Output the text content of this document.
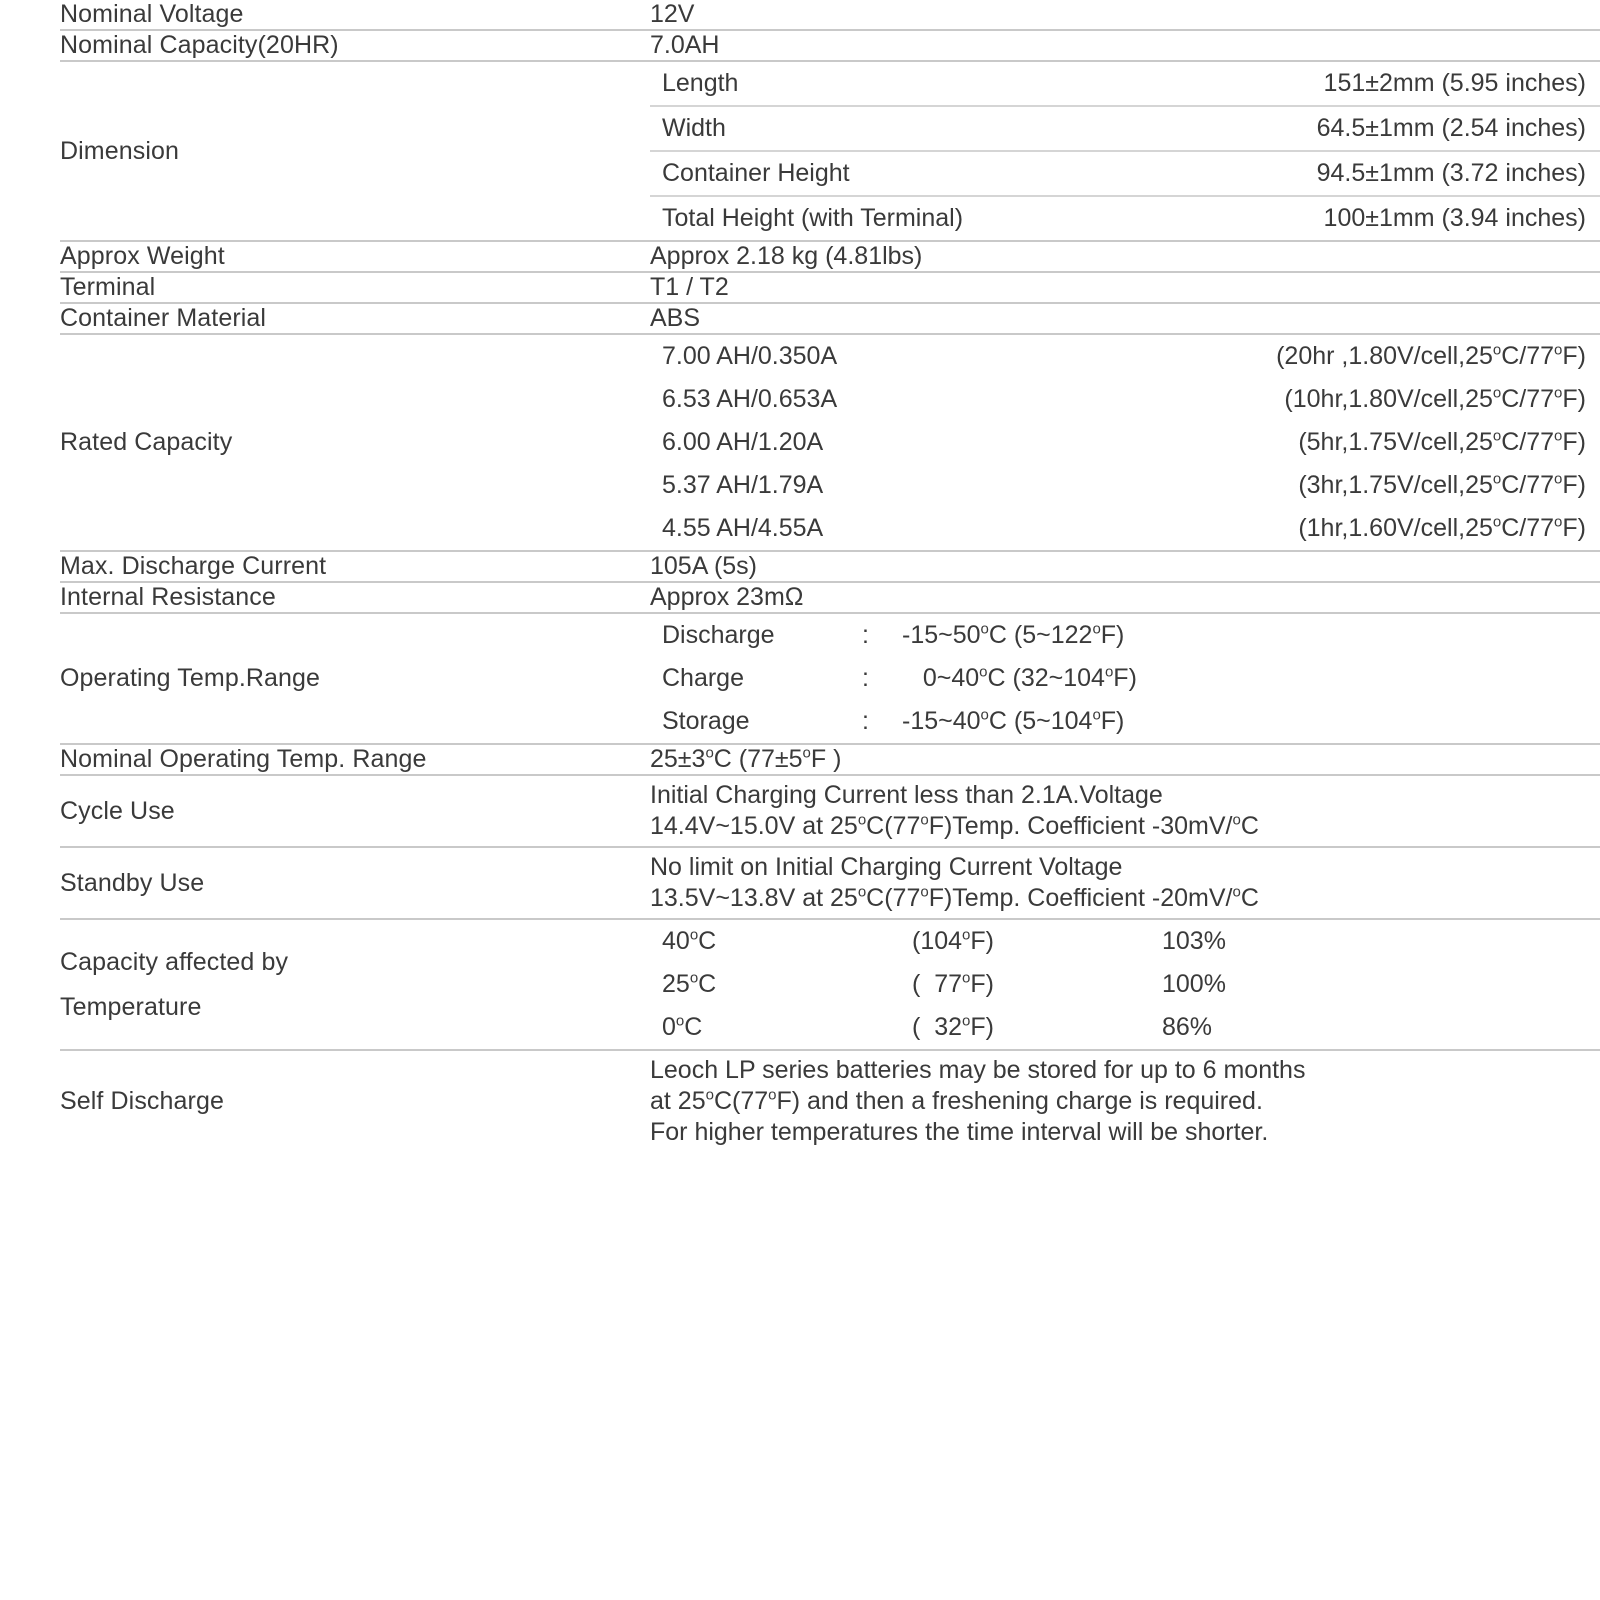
Nominal Voltage	12V
Nominal Capacity(20HR)	7.0AH
Dimension	
Length	151±2mm (5.95 inches)
Width	64.5±1mm (2.54 inches)
Container Height	94.5±1mm (3.72 inches)
Total Height (with Terminal)	100±1mm (3.94 inches)

Approx Weight	Approx 2.18 kg (4.81lbs)
Terminal	T1 / T2
Container Material	ABS
Rated Capacity	
7.00 AH/0.350A	(20hr ,1.80V/cell,25$^o$C/77$^o$F)
6.53 AH/0.653A	(10hr,1.80V/cell,25$^o$C/77$^o$F)
6.00 AH/1.20A	(5hr,1.75V/cell,25$^o$C/77$^o$F)
5.37 AH/1.79A	(3hr,1.75V/cell,25$^o$C/77$^o$F)
4.55 AH/4.55A	(1hr,1.60V/cell,25$^o$C/77$^o$F)

Max. Discharge Current	105A (5s)
Internal Resistance	Approx 23mΩ
Operating Temp.Range	
Discharge	:	-15~50$^o$C (5~122$^o$F)
Charge	:	0~40$^o$C (32~104$^o$F)
Storage	:	-15~40$^o$C (5~104$^o$F)

Nominal Operating Temp. Range	$25\pm 3^oC$ ($77\pm 5^oF$ )
Cycle Use	
Initial Charging Current less than 2.1A.Voltage
14.4V~15.0V at 25$^o$C(77$^o$F)Temp. Coefficient -30mV/$^o$C

Standby Use	
No limit on Initial Charging Current Voltage
13.5V~13.8V at 25$^o$C(77$^o$F)Temp. Coefficient -20mV/$^o$C

Capacity affected by
Temperature

40$^o$C	(104$^o$F)	103%
25$^o$C	(  77$^o$F)	100%
0$^o$C	(  32$^o$F)	86%

Self Discharge	
Leoch LP series batteries may be stored for up to 6 months
at 25$^o$C(77$^o$F) and then a freshening charge is required.
For higher temperatures the time interval will be shorter.
